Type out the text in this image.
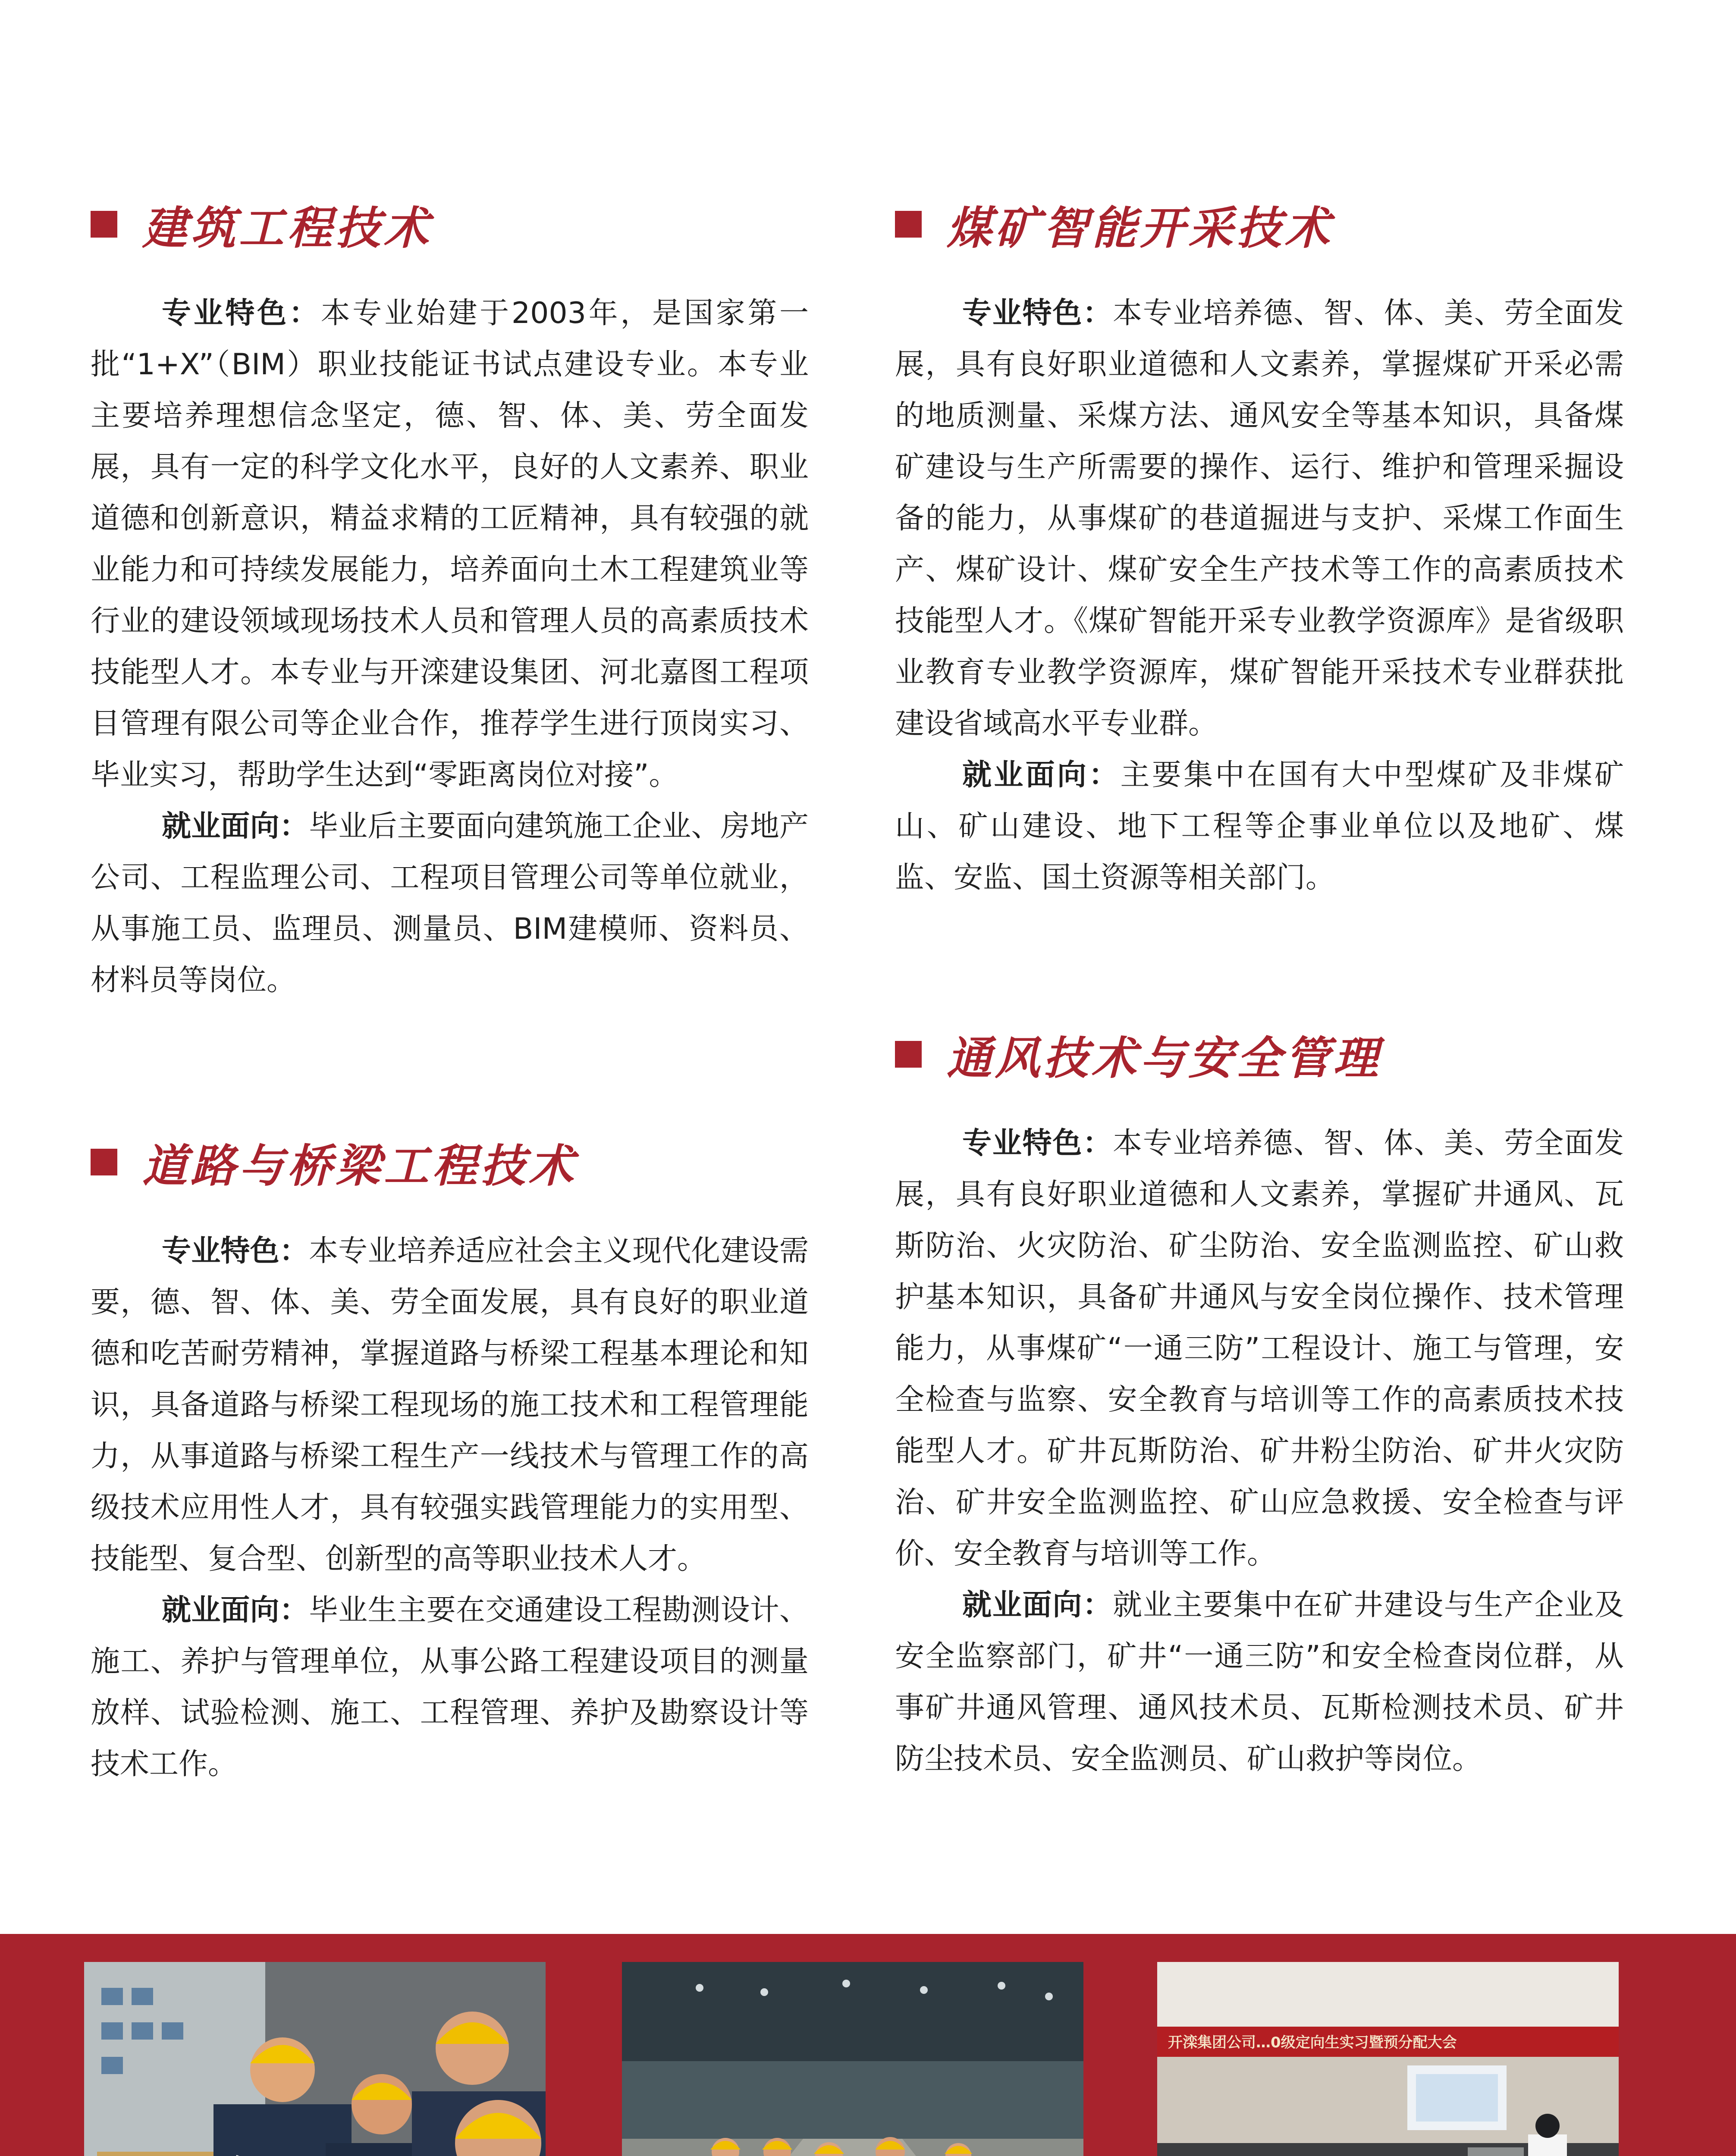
建筑工程技术

专业特色：本专业始建于2003年，是国家第一批“1+X”（BIM）职业技能证书试点建设专业。本专业主要培养理想信念坚定，德、智、体、美、劳全面发展，具有一定的科学文化水平，良好的人文素养、职业道德和创新意识，精益求精的工匠精神，具有较强的就业能力和可持续发展能力，培养面向土木工程建筑业等行业的建设领域现场技术人员和管理人员的高素质技术技能型人才。本专业与开滦建设集团、河北嘉图工程项目管理有限公司等企业合作，推荐学生进行顶岗实习、毕业实习，帮助学生达到“零距离岗位对接”。

就业面向：毕业后主要面向建筑施工企业、房地产公司、工程监理公司、工程项目管理公司等单位就业，从事施工员、监理员、测量员、BIM建模师、资料员、材料员等岗位。

道路与桥梁工程技术

专业特色：本专业培养适应社会主义现代化建设需要，德、智、体、美、劳全面发展，具有良好的职业道德和吃苦耐劳精神，掌握道路与桥梁工程基本理论和知识，具备道路与桥梁工程现场的施工技术和工程管理能力，从事道路与桥梁工程生产一线技术与管理工作的高级技术应用性人才，具有较强实践管理能力的实用型、技能型、复合型、创新型的高等职业技术人才。

就业面向：毕业生主要在交通建设工程勘测设计、施工、养护与管理单位，从事公路工程建设项目的测量放样、试验检测、施工、工程管理、养护及勘察设计等技术工作。

煤矿智能开采技术

专业特色：本专业培养德、智、体、美、劳全面发展，具有良好职业道德和人文素养，掌握煤矿开采必需的地质测量、采煤方法、通风安全等基本知识，具备煤矿建设与生产所需要的操作、运行、维护和管理采掘设备的能力，从事煤矿的巷道掘进与支护、采煤工作面生产、煤矿设计、煤矿安全生产技术等工作的高素质技术技能型人才。《煤矿智能开采专业教学资源库》是省级职业教育专业教学资源库，煤矿智能开采技术专业群获批建设省域高水平专业群。

就业面向：主要集中在国有大中型煤矿及非煤矿山、矿山建设、地下工程等企事业单位以及地矿、煤监、安监、国土资源等相关部门。

通风技术与安全管理

专业特色：本专业培养德、智、体、美、劳全面发展，具有良好职业道德和人文素养，掌握矿井通风、瓦斯防治、火灾防治、矿尘防治、安全监测监控、矿山救护基本知识，具备矿井通风与安全岗位操作、技术管理能力，从事煤矿“一通三防”工程设计、施工与管理，安全检查与监察、安全教育与培训等工作的高素质技术技能型人才。矿井瓦斯防治、矿井粉尘防治、矿井火灾防治、矿井安全监测监控、矿山应急救援、安全检查与评价、安全教育与培训等工作。

就业面向：就业主要集中在矿井建设与生产企业及安全监察部门，矿井“一通三防”和安全检查岗位群，从事矿井通风管理、通风技术员、瓦斯检测技术员、矿井防尘技术员、安全监测员、矿山救护等岗位。

开滦集团公司…0级定向生实习暨预分配大会
